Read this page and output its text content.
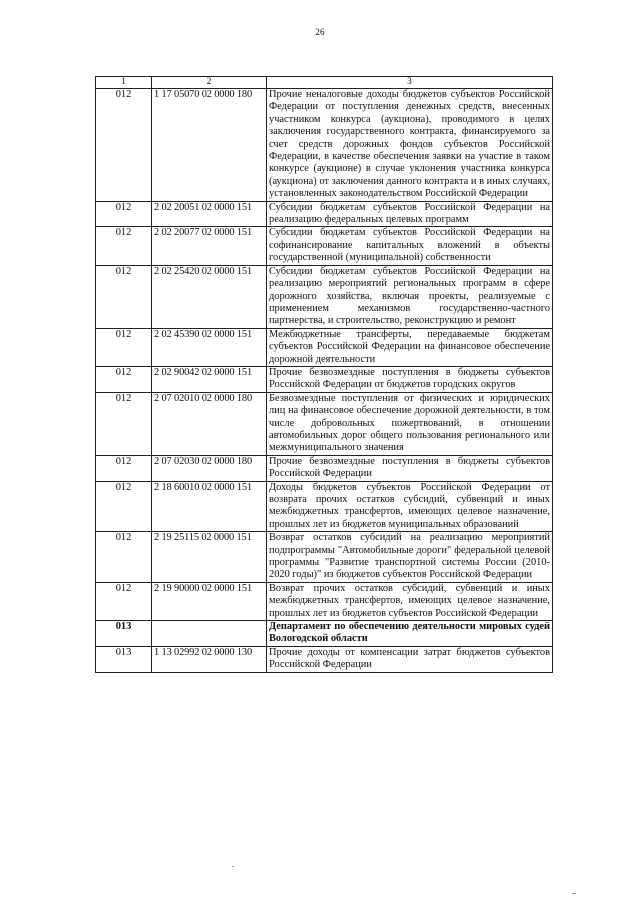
26
1	2	3
012	1 17 05070 02 0000 180	Прочие неналоговые доходы бюджетов субъектов Российской Федерации от поступления денежных средств, внесенных участником конкурса (аукциона), проводимого в целях заключения государственного контракта, финансируемого за счет средств дорожных фондов субъектов Российской Федерации, в качестве обеспечения заявки на участие в таком конкурсе (аукционе) в случае уклонения участника конкурса (аукциона) от заключения данного контракта и в иных случаях, установленных законодательством Российской Федерации
012	2 02 20051 02 0000 151	Субсидии бюджетам субъектов Российской Федерации на реализацию федеральных целевых программ
012	2 02 20077 02 0000 151	Субсидии бюджетам субъектов Российской Федерации на софинансирование капитальных вложений в объекты государственной (муниципальной) собственности
012	2 02 25420 02 0000 151	Субсидии бюджетам субъектов Российской Федерации на реализацию мероприятий региональных программ в сфере дорожного хозяйства, включая проекты, реализуемые с применением механизмов государственно-частного партнерства, и строительство, реконструкцию и ремонт
012	2 02 45390 02 0000 151	Межбюджетные трансферты, передаваемые бюджетам субъектов Российской Федерации на финансовое обеспечение дорожной деятельности
012	2 02 90042 02 0000 151	Прочие безвозмездные поступления в бюджеты субъектов Российской Федерации от бюджетов городских округов
012	2 07 02010 02 0000 180	Безвозмездные поступления от физических и юридических лиц на финансовое обеспечение дорожной деятельности, в том числе добровольных пожертвований, в отношении автомобильных дорог общего пользования регионального или межмуниципального значения
012	2 07 02030 02 0000 180	Прочие безвозмездные поступления в бюджеты субъектов Российской Федерации
012	2 18 60010 02 0000 151	Доходы бюджетов субъектов Российской Федерации от возврата прочих остатков субсидий, субвенций и иных межбюджетных трансфертов, имеющих целевое назначение, прошлых лет из бюджетов муниципальных образований
012	2 19 25115 02 0000 151	Возврат остатков субсидий на реализацию мероприятий подпрограммы "Автомобильные дороги" федеральной целевой программы "Развитие транспортной системы России (2010-2020 годы)" из бюджетов субъектов Российской Федерации
012	2 19 90000 02 0000 151	Возврат прочих остатков субсидий, субвенций и иных межбюджетных трансфертов, имеющих целевое назначение, прошлых лет из бюджетов субъектов Российской Федерации
013		Департамент по обеспечению деятельности мировых судей Вологодской области
013	1 13 02992 02 0000 130	Прочие доходы от компенсации затрат бюджетов субъектов Российской Федерации
